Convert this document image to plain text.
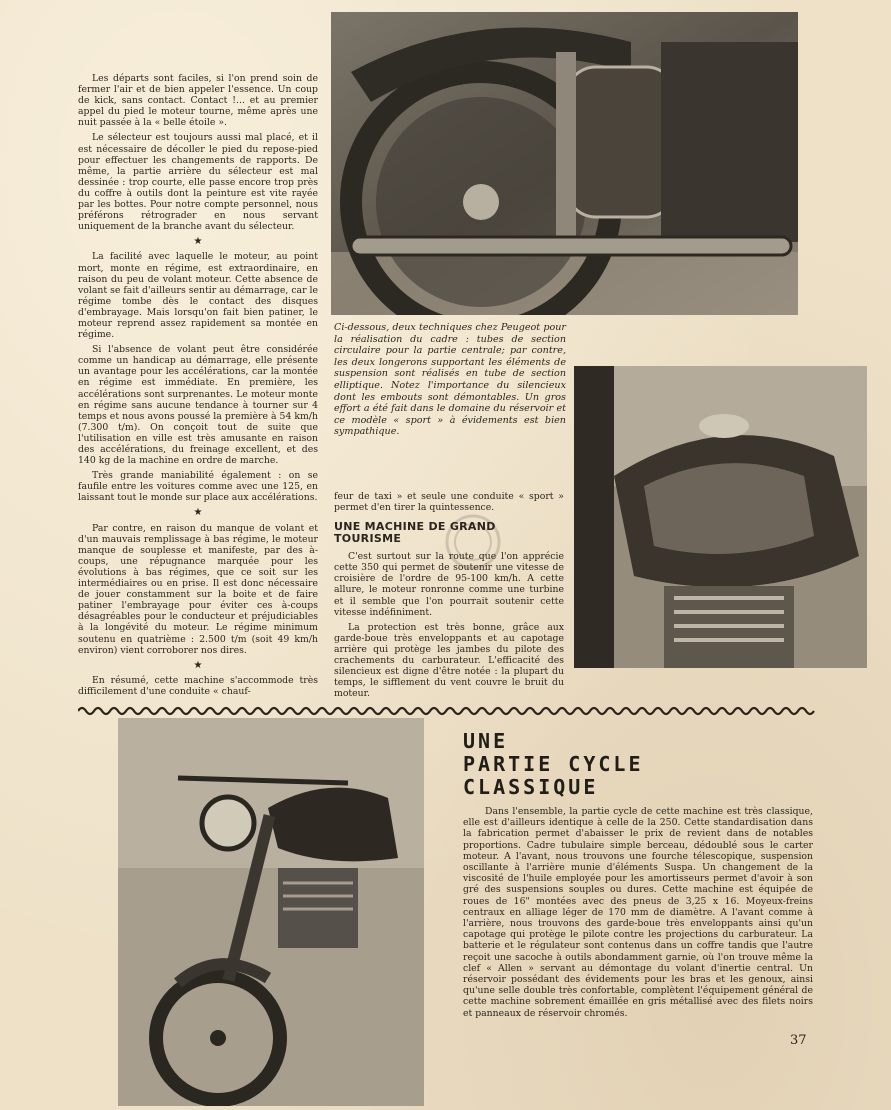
Les départs sont faciles, si l'on prend soin de fermer l'air et de bien appeler l'essence. Un coup de kick, sans contact. Contact !... et au premier appel du pied le moteur tourne, même après une nuit passée à la « belle étoile ».

Le sélecteur est toujours aussi mal placé, et il est nécessaire de décoller le pied du repose-pied pour effectuer les changements de rapports. De même, la partie arrière du sélecteur est mal dessinée : trop courte, elle passe encore trop près du coffre à outils dont la peinture est vite rayée par les bottes. Pour notre compte personnel, nous préférons rétrograder en nous servant uniquement de la branche avant du sélecteur.

★

La facilité avec laquelle le moteur, au point mort, monte en régime, est extraordinaire, en raison du peu de volant moteur. Cette absence de volant se fait d'ailleurs sentir au démarrage, car le régime tombe dès le contact des disques d'embrayage. Mais lorsqu'on fait bien patiner, le moteur reprend assez rapidement sa montée en régime.

Si l'absence de volant peut être considérée comme un handicap au démarrage, elle présente un avantage pour les accélérations, car la montée en régime est immédiate. En première, les accélérations sont surprenantes. Le moteur monte en régime sans aucune tendance à tourner sur 4 temps et nous avons poussé la première à 54 km/h (7.300 t/m). On conçoit tout de suite que l'utilisation en ville est très amusante en raison des accélérations, du freinage excellent, et des 140 kg de la machine en ordre de marche.

Très grande maniabilité également : on se faufile entre les voitures comme avec une 125, en laissant tout le monde sur place aux accélérations.

★

Par contre, en raison du manque de volant et d'un mauvais remplissage à bas régime, le moteur manque de souplesse et manifeste, par des à-coups, une répugnance marquée pour les évolutions à bas régimes, que ce soit sur les intermédiaires ou en prise. Il est donc nécessaire de jouer constamment sur la boite et de faire patiner l'embrayage pour éviter ces à-coups désagréables pour le conducteur et préjudiciables à la longévité du moteur. Le régime minimum soutenu en quatrième : 2.500 t/m (soit 49 km/h environ) vient corroborer nos dires.

★

En résumé, cette machine s'accommode très difficilement d'une conduite « chauf-

Ci-dessous, deux techniques chez Peugeot pour la réalisation du cadre : tubes de section circulaire pour la partie centrale; par contre, les deux longerons supportant les éléments de suspension sont réalisés en tube de section elliptique. Notez l'importance du silencieux dont les embouts sont démontables. Un gros effort a été fait dans le domaine du réservoir et ce modèle « sport » à évidements est bien sympathique.

feur de taxi » et seule une conduite « sport » permet d'en tirer la quintessence.

UNE MACHINE DE GRAND
TOURISME

C'est surtout sur la route que l'on apprécie cette 350 qui permet de soutenir une vitesse de croisière de l'ordre de 95-100 km/h. A cette allure, le moteur ronronne comme une turbine et il semble que l'on pourrait soutenir cette vitesse indéfiniment.

La protection est très bonne, grâce aux garde-boue très enveloppants et au capotage arrière qui protège les jambes du pilote des crachements du carburateur. L'efficacité des silencieux est digne d'être notée : la plupart du temps, le sifflement du vent couvre le bruit du moteur.

UNE
PARTIE CYCLE
CLASSIQUE

Dans l'ensemble, la partie cycle de cette machine est très classique, elle est d'ailleurs identique à celle de la 250. Cette standardisation dans la fabrication permet d'abaisser le prix de revient dans de notables proportions. Cadre tubulaire simple berceau, dédoublé sous le carter moteur. A l'avant, nous trouvons une fourche télescopique, suspension oscillante à l'arrière munie d'éléments Suspa. Un changement de la viscosité de l'huile employée pour les amortisseurs permet d'avoir à son gré des suspensions souples ou dures. Cette machine est équipée de roues de 16" montées avec des pneus de 3,25 x 16. Moyeux-freins centraux en alliage léger de 170 mm de diamètre. A l'avant comme à l'arrière, nous trouvons des garde-boue très enveloppants ainsi qu'un capotage qui protège le pilote contre les projections du carburateur. La batterie et le régulateur sont contenus dans un coffre tandis que l'autre reçoit une sacoche à outils abondamment garnie, où l'on trouve même la clef « Allen » servant au démontage du volant d'inertie central. Un réservoir possédant des évidements pour les bras et les genoux, ainsi qu'une selle double très confortable, complètent l'équipement général de cette machine sobrement émaillée en gris métallisé avec des filets noirs et panneaux de réservoir chromés.

37
